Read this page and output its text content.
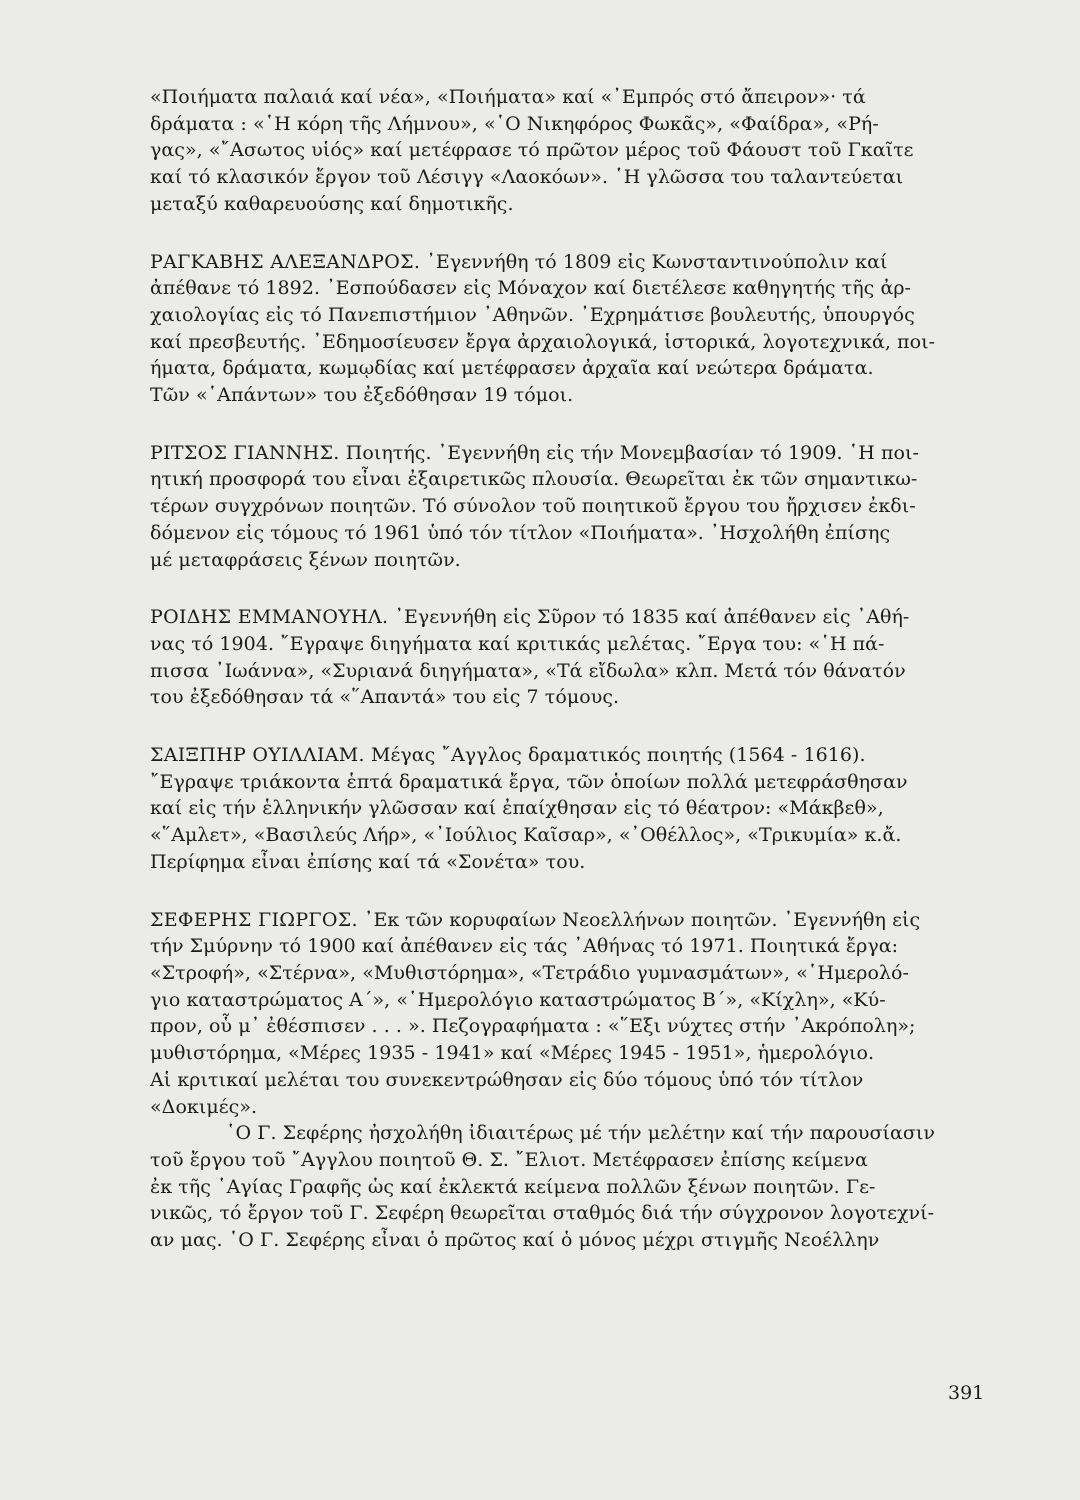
«Ποιήματα παλαιά καί νέα», «Ποιήματα» καί «᾿Εμπρός στό ἄπειρον»· τά
δράματα : «῾Η κόρη τῆς Λήμνου», «῾Ο Νικηφόρος Φωκᾶς», «Φαίδρα», «Ρή-
γας», «῎Ασωτος υἱός» καί μετέφρασε τό πρῶτον μέρος τοῦ Φάουστ τοῦ Γκαῖτε
καί τό κλασικόν ἔργον τοῦ Λέσιγγ «Λαοκόων». ῾Η γλῶσσα του ταλαντεύεται
μεταξύ καθαρευούσης καί δημοτικῆς.
ΡΑΓΚΑΒΗΣ ΑΛΕΞΑΝΔΡΟΣ. ᾿Εγεννήθη τό 1809 εἰς Κωνσταντινούπολιν καί
ἀπέθανε τό 1892. ᾿Εσπούδασεν εἰς Μόναχον καί διετέλεσε καθηγητής τῆς ἀρ-
χαιολογίας εἰς τό Πανεπιστήμιον ᾿Αθηνῶν. ᾿Εχρημάτισε βουλευτής, ὑπουργός
καί πρεσβευτής. ᾿Εδημοσίευσεν ἔργα ἀρχαιολογικά, ἱστορικά, λογοτεχνικά, ποι-
ήματα, δράματα, κωμῳδίας καί μετέφρασεν ἀρχαῖα καί νεώτερα δράματα.
Τῶν «῾Απάντων» του ἐξεδόθησαν 19 τόμοι.
ΡΙΤΣΟΣ ΓΙΑΝΝΗΣ. Ποιητής. ᾿Εγεννήθη εἰς τήν Μονεμβασίαν τό 1909. ῾Η ποι-
ητική προσφορά του εἶναι ἐξαιρετικῶς πλουσία. Θεωρεῖται ἐκ τῶν σημαντικω-
τέρων συγχρόνων ποιητῶν. Τό σύνολον τοῦ ποιητικοῦ ἔργου του ἤρχισεν ἐκδι-
δόμενον εἰς τόμους τό 1961 ὑπό τόν τίτλον «Ποιήματα». ᾿Ησχολήθη ἐπίσης
μέ μεταφράσεις ξένων ποιητῶν.
ΡΟΙΔΗΣ ΕΜΜΑΝΟΥΗΛ. ᾿Εγεννήθη εἰς Σῦρον τό 1835 καί ἀπέθανεν εἰς ᾿Αθή-
νας τό 1904. ῎Εγραψε διηγήματα καί κριτικάς μελέτας. ῎Εργα του: «῾Η πά-
πισσα ᾿Ιωάννα», «Συριανά διηγήματα», «Τά εἴδωλα» κλπ. Μετά τόν θάνατόν
του ἐξεδόθησαν τά «῞Απαντά» του εἰς 7 τόμους.
ΣΑΙΞΠΗΡ ΟΥΙΛΛΙΑΜ. Μέγας ῎Αγγλος δραματικός ποιητής (1564 - 1616).
῎Εγραψε τριάκοντα ἑπτά δραματικά ἔργα, τῶν ὁποίων πολλά μετεφράσθησαν
καί εἰς τήν ἑλληνικήν γλῶσσαν καί ἐπαίχθησαν εἰς τό θέατρον: «Μάκβεθ»,
«῞Αμλετ», «Βασιλεύς Λήρ», «᾿Ιούλιος Καῖσαρ», «᾿Οθέλλος», «Τρικυμία» κ.ἄ.
Περίφημα εἶναι ἐπίσης καί τά «Σονέτα» του.
ΣΕΦΕΡΗΣ ΓΙΩΡΓΟΣ. ᾿Εκ τῶν κορυφαίων Νεοελλήνων ποιητῶν. ᾿Εγεννήθη εἰς
τήν Σμύρνην τό 1900 καί ἀπέθανεν εἰς τάς ᾿Αθήνας τό 1971. Ποιητικά ἔργα:
«Στροφή», «Στέρνα», «Μυθιστόρημα», «Τετράδιο γυμνασμάτων», «῾Ημερολό-
γιο καταστρώματος Α΄», «῾Ημερολόγιο καταστρώματος Β΄», «Κίχλη», «Κύ-
προν, οὗ μ᾿ ἐθέσπισεν . . . ». Πεζογραφήματα : «῞Εξι νύχτες στήν ᾿Ακρόπολη»;
μυθιστόρημα, «Μέρες 1935 - 1941» καί «Μέρες 1945 - 1951», ἡμερολόγιο.
Αἱ κριτικαί μελέται του συνεκεντρώθησαν εἰς δύο τόμους ὑπό τόν τίτλον
«Δοκιμές».
῾Ο Γ. Σεφέρης ἠσχολήθη ἰδιαιτέρως μέ τήν μελέτην καί τήν παρουσίασιν
τοῦ ἔργου τοῦ ῎Αγγλου ποιητοῦ Θ. Σ. ῎Ελιοτ. Μετέφρασεν ἐπίσης κείμενα
ἐκ τῆς ῾Αγίας Γραφῆς ὡς καί ἐκλεκτά κείμενα πολλῶν ξένων ποιητῶν. Γε-
νικῶς, τό ἔργον τοῦ Γ. Σεφέρη θεωρεῖται σταθμός διά τήν σύγχρονον λογοτεχνί-
αν μας. ῾Ο Γ. Σεφέρης εἶναι ὁ πρῶτος καί ὁ μόνος μέχρι στιγμῆς Νεοέλλην
391
